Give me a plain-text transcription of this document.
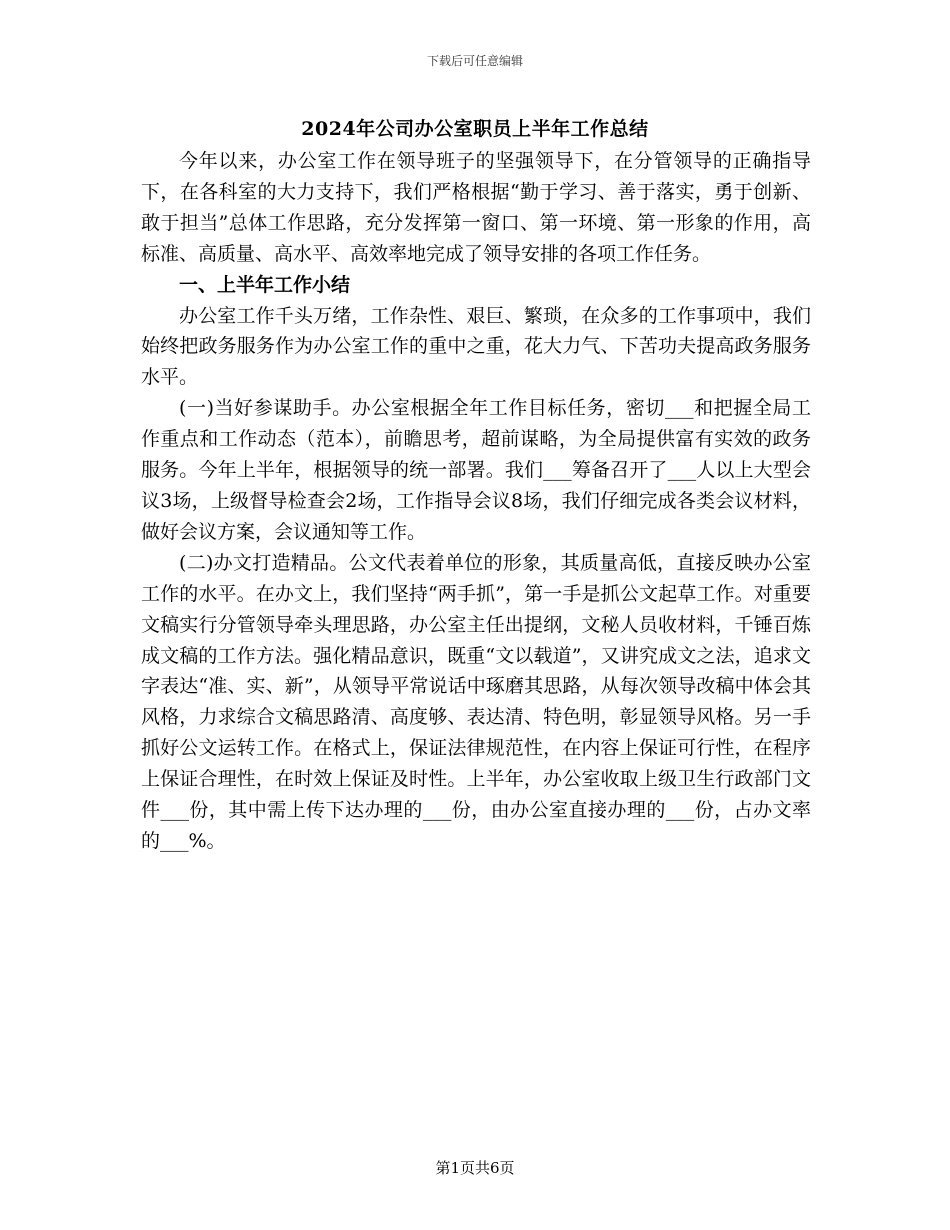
下载后可任意编辑
2024年公司办公室职员上半年工作总结

今年以来，办公室工作在领导班子的坚强领导下，在分管领导的正确指导下，在各科室的大力支持下，我们严格根据“勤于学习、善于落实，勇于创新、敢于担当”总体工作思路，充分发挥第一窗口、第一环境、第一形象的作用，高标准、高质量、高水平、高效率地完成了领导安排的各项工作任务。

一、上半年工作小结

办公室工作千头万绪，工作杂性、艰巨、繁琐，在众多的工作事项中，我们始终把政务服务作为办公室工作的重中之重，花大力气、下苦功夫提高政务服务水平。

(一)当好参谋助手。办公室根据全年工作目标任务，密切___和把握全局工作重点和工作动态（范本），前瞻思考，超前谋略，为全局提供富有实效的政务服务。今年上半年，根据领导的统一部署。我们___筹备召开了___人以上大型会议3场，上级督导检查会2场，工作指导会议8场，我们仔细完成各类会议材料，做好会议方案，会议通知等工作。

(二)办文打造精品。公文代表着单位的形象，其质量高低，直接反映办公室工作的水平。在办文上，我们坚持“两手抓”，第一手是抓公文起草工作。对重要文稿实行分管领导牵头理思路，办公室主任出提纲，文秘人员收材料，千锤百炼成文稿的工作方法。强化精品意识，既重“文以载道”，又讲究成文之法，追求文字表达“准、实、新”，从领导平常说话中琢磨其思路，从每次领导改稿中体会其风格，力求综合文稿思路清、高度够、表达清、特色明，彰显领导风格。另一手抓好公文运转工作。在格式上，保证法律规范性，在内容上保证可行性，在程序上保证合理性，在时效上保证及时性。上半年，办公室收取上级卫生行政部门文件___份，其中需上传下达办理的___份，由办公室直接办理的___份，占办文率的___%。

第1页共6页
